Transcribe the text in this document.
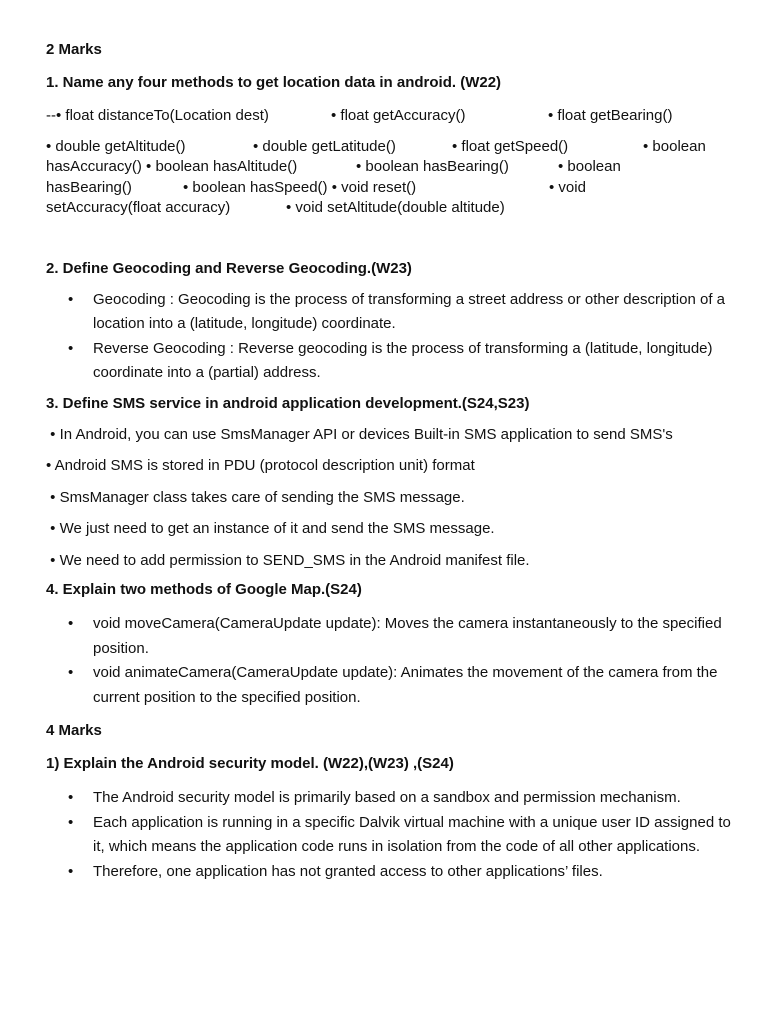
2 Marks

1. Name any four methods to get location data in android. (W22)

--• float distanceTo(Location dest)	• float getAccuracy()	• float getBearing()

• double getAltitude()	• double getLatitude()	• float getSpeed()	• boolean

hasAccuracy() • boolean hasAltitude()	• boolean hasBearing()	• boolean

hasBearing()	• boolean hasSpeed() • void reset()	• void

setAccuracy(float accuracy)	• void setAltitude(double altitude)

2. Define Geocoding and Reverse Geocoding.(W23)

• Geocoding : Geocoding is the process of transforming a street address or other description of a location into a (latitude, longitude) coordinate.
• Reverse Geocoding : Reverse geocoding is the process of transforming a (latitude, longitude) coordinate into a (partial) address.

3. Define SMS service in android application development.(S24,S23)

• In Android, you can use SmsManager API or devices Built-in SMS application to send SMS's

• Android SMS is stored in PDU (protocol description unit) format

• SmsManager class takes care of sending the SMS message.

• We just need to get an instance of it and send the SMS message.

• We need to add permission to SEND_SMS in the Android manifest file.

4. Explain two methods of Google Map.(S24)

• void moveCamera(CameraUpdate update): Moves the camera instantaneously to the specified position.
• void animateCamera(CameraUpdate update): Animates the movement of the camera from the current position to the specified position.

4 Marks

1) Explain the Android security model. (W22),(W23) ,(S24)

• The Android security model is primarily based on a sandbox and permission mechanism.
• Each application is running in a specific Dalvik virtual machine with a unique user ID assigned to it, which means the application code runs in isolation from the code of all other applications.
• Therefore, one application has not granted access to other applications’ files.
